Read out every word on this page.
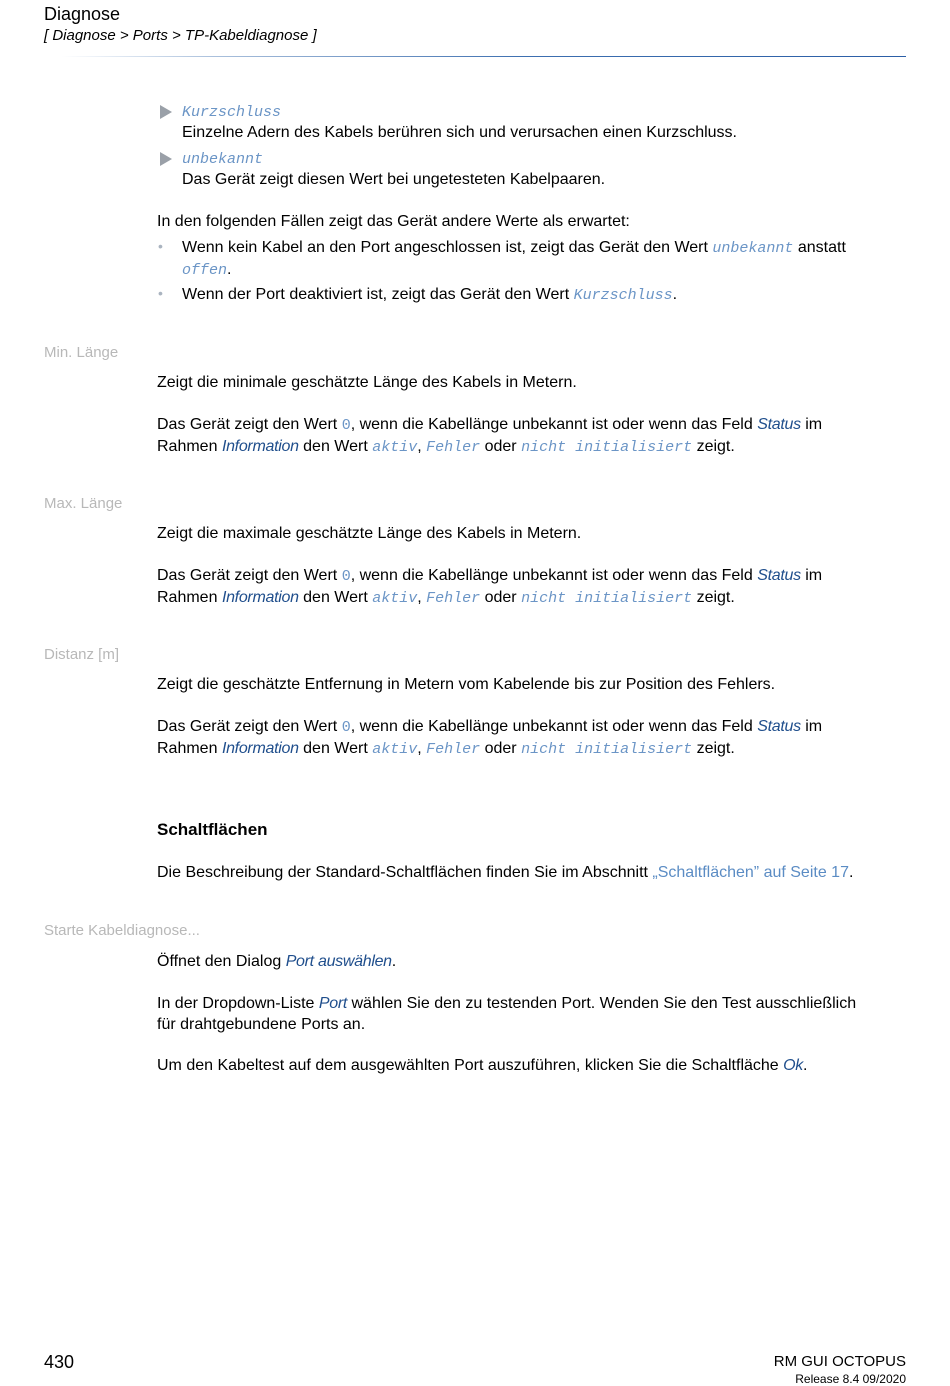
Diagnose
[ Diagnose > Ports > TP-Kabeldiagnose ]
Kurzschluss
Einzelne Adern des Kabels berühren sich und verursachen einen Kurzschluss.
unbekannt
Das Gerät zeigt diesen Wert bei ungetesteten Kabelpaaren.
In den folgenden Fällen zeigt das Gerät andere Werte als erwartet:
• Wenn kein Kabel an den Port angeschlossen ist, zeigt das Gerät den Wert unbekannt anstatt
offen.
• Wenn der Port deaktiviert ist, zeigt das Gerät den Wert Kurzschluss.
Min. Länge
Zeigt die minimale geschätzte Länge des Kabels in Metern.
Das Gerät zeigt den Wert 0, wenn die Kabellänge unbekannt ist oder wenn das Feld Status im
Rahmen Information den Wert aktiv, Fehler oder nicht initialisiert zeigt.
Max. Länge
Zeigt die maximale geschätzte Länge des Kabels in Metern.
Das Gerät zeigt den Wert 0, wenn die Kabellänge unbekannt ist oder wenn das Feld Status im
Rahmen Information den Wert aktiv, Fehler oder nicht initialisiert zeigt.
Distanz [m]
Zeigt die geschätzte Entfernung in Metern vom Kabelende bis zur Position des Fehlers.
Das Gerät zeigt den Wert 0, wenn die Kabellänge unbekannt ist oder wenn das Feld Status im
Rahmen Information den Wert aktiv, Fehler oder nicht initialisiert zeigt.
Schaltflächen
Die Beschreibung der Standard-Schaltflächen finden Sie im Abschnitt „Schaltflächen” auf Seite 17.
Starte Kabeldiagnose...
Öffnet den Dialog Port auswählen.
In der Dropdown-Liste Port wählen Sie den zu testenden Port. Wenden Sie den Test ausschließlich
für drahtgebundene Ports an.
Um den Kabeltest auf dem ausgewählten Port auszuführen, klicken Sie die Schaltfläche Ok.
430	RM GUI OCTOPUS
Release 8.4 09/2020
